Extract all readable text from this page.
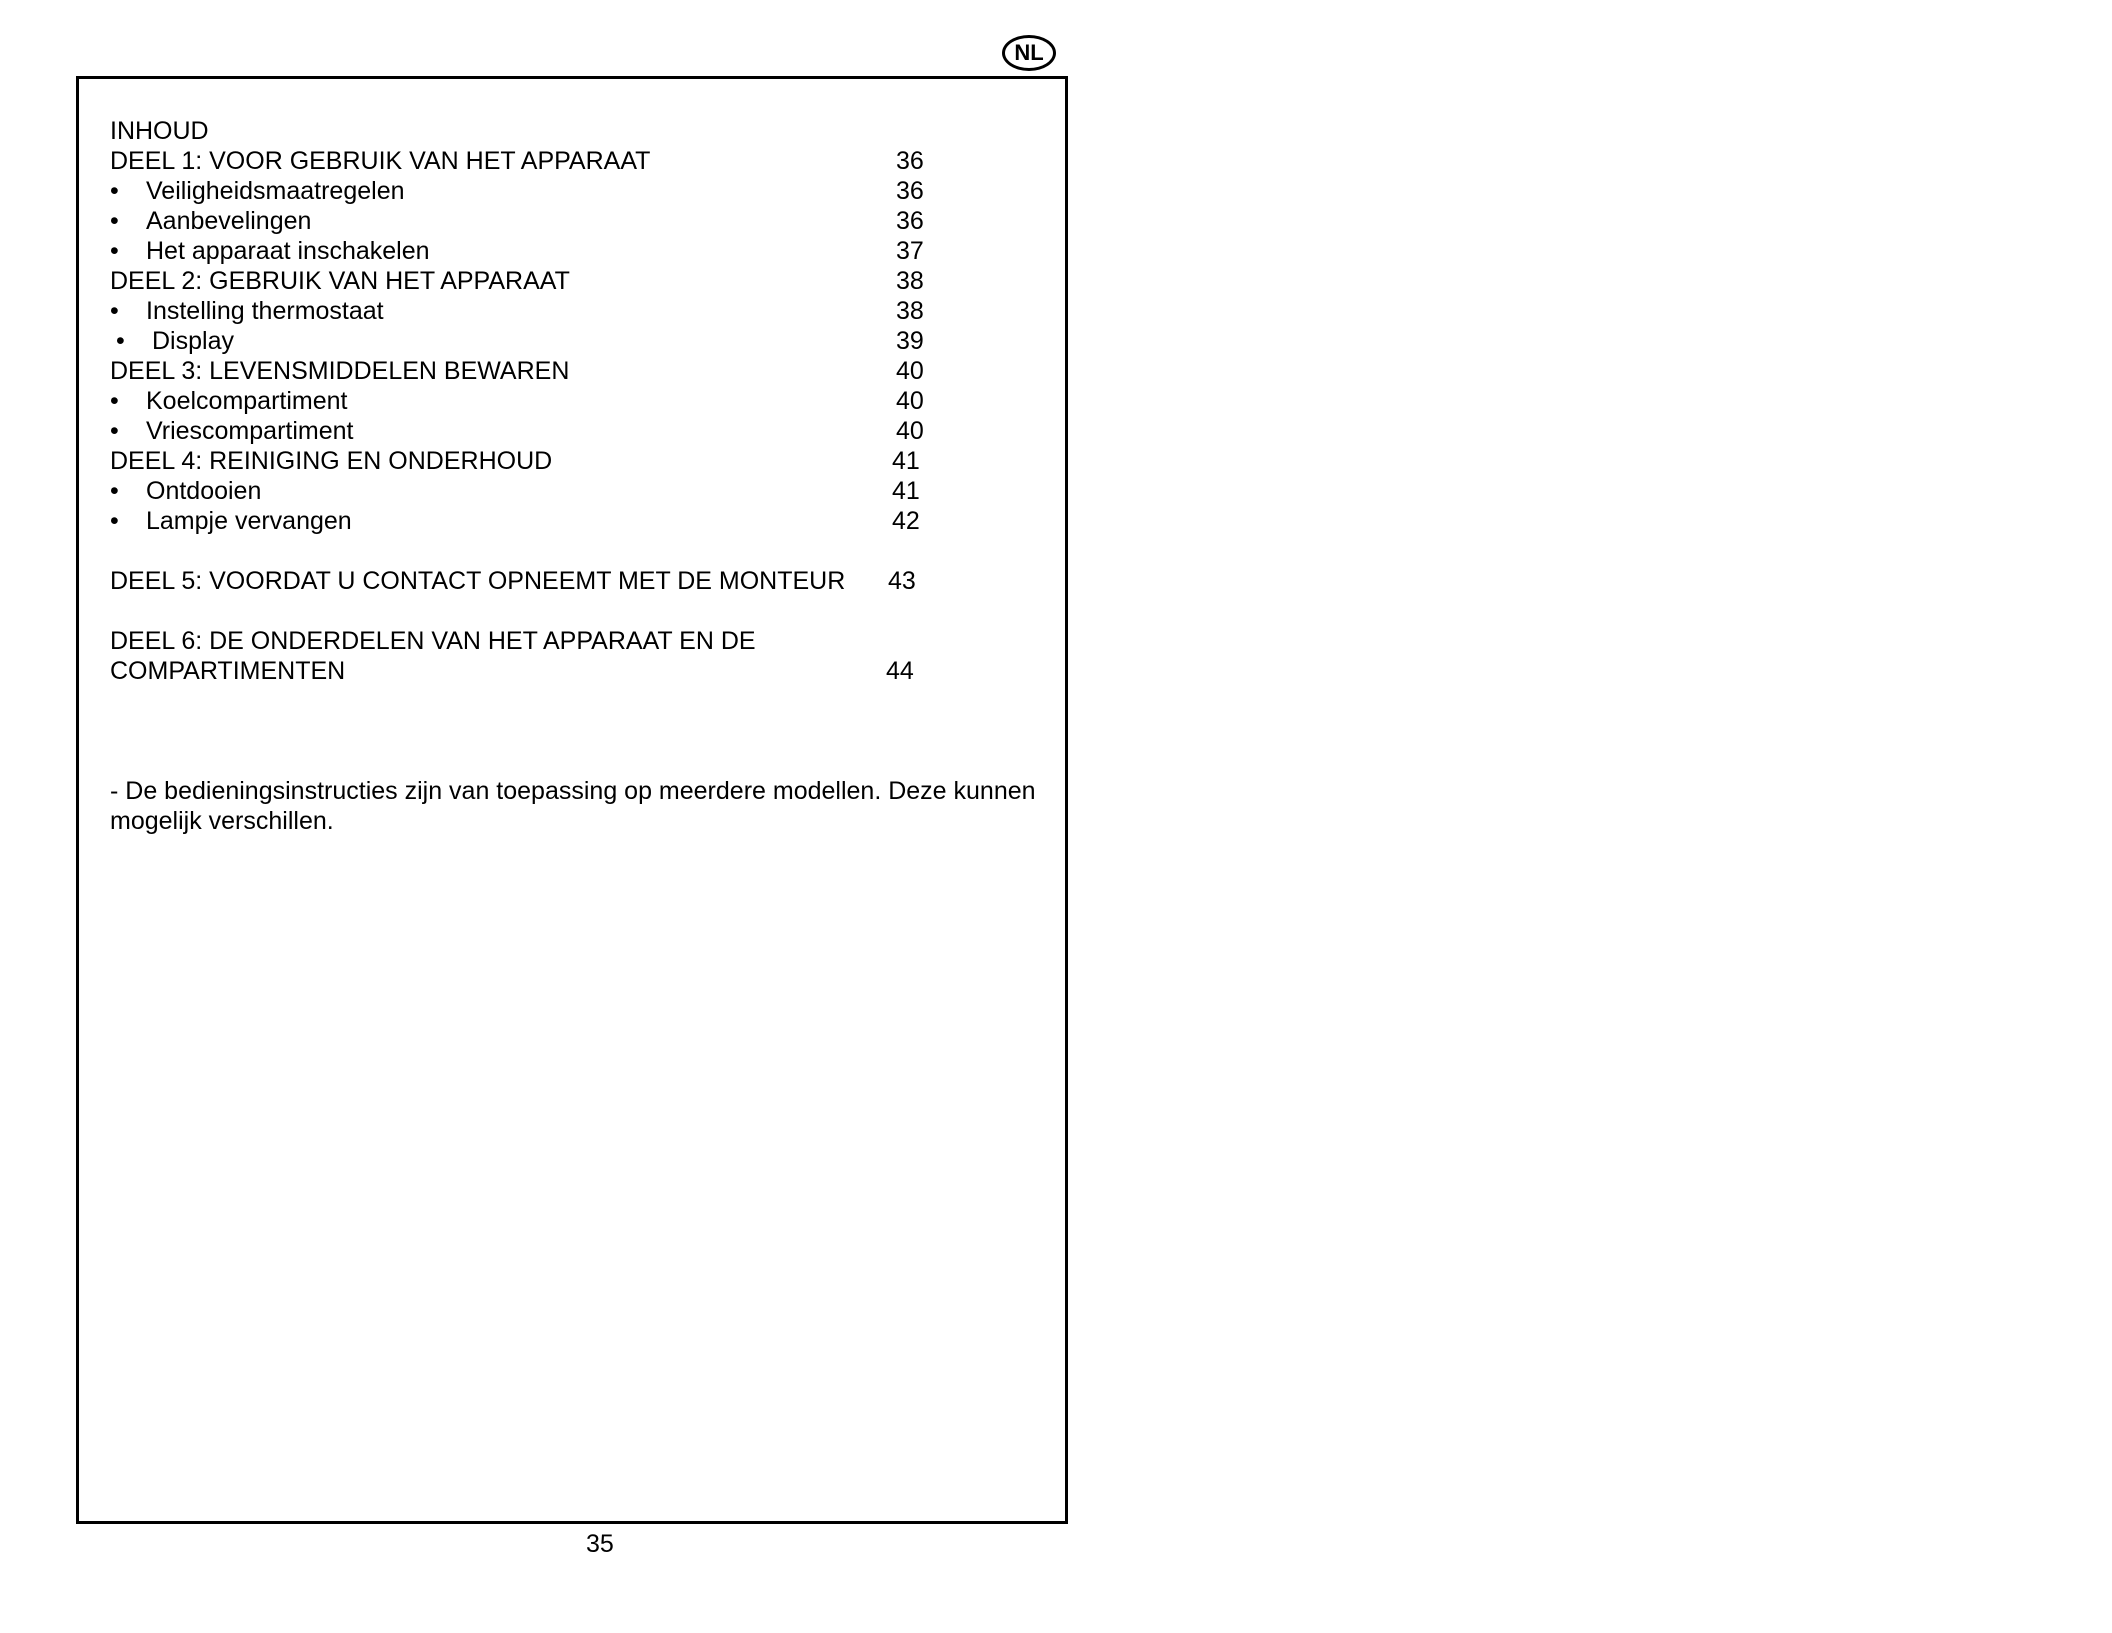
NL
INHOUD
DEEL 1: VOOR GEBRUIK VAN HET APPARAAT	36
• Veiligheidsmaatregelen	36
• Aanbevelingen	36
• Het apparaat inschakelen	37
DEEL 2: GEBRUIK VAN HET APPARAAT	38
• Instelling thermostaat	38
• Display	39
DEEL 3: LEVENSMIDDELEN BEWAREN	40
• Koelcompartiment	40
• Vriescompartiment	40
DEEL 4: REINIGING EN ONDERHOUD	41
• Ontdooien	41
• Lampje vervangen	42
DEEL 5: VOORDAT U CONTACT OPNEEMT MET DE MONTEUR 43
DEEL 6: DE ONDERDELEN VAN HET APPARAAT EN DE COMPARTIMENTEN	44
- De bedieningsinstructies zijn van toepassing op meerdere modellen. Deze kunnen mogelijk verschillen.
35
